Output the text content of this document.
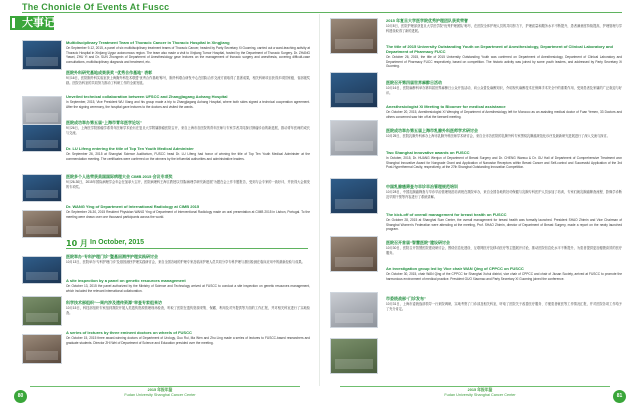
The Chonicle Of Events At Fuscc
大事记
Multidisciplinary Treatment Team of Thoracic Cancer in Thoracic Hospital in Xingjiang
On September 9-12, 2015, a panel of six multidisciplinary treatment teams of Thoracic Cancer, headed by Party Secretary Xi Guoming, carried out a ward-teaching activity at Thoracic Hospital in Xinjiang Uygur autonomous region. The team also made a visit to Xinjiang Tumor Hospital, hosted by the Department of Thoracic Surgery. Dr. ZHANG Yawei, ZHU Yi and Dr. SUN Zhongmin of Department of Anesthesiology gave lectures on the management of thoracic surgery and anesthesia, covering difficult-case consultations, multidisciplinary diagnosis and treatment, etc.
医院外科研究基地成果获奖 “优秀合作基地” 表彰
9月16日，医院胸外科实验室获上海胸外科技术联盟“优秀合作基地”称号，胸外科联合研发中心在国际合作交流方面取得了显著成果，相关科研项目获得多项国家级、省部级奖励。医院各科室的共同努力推动了科研工作的全面发展。
Unveiled technical collaboration between UFSCC and Zhangjiagang Aohang Hospital
In September, 2015, Vice President WU Xiang and his group made a trip to Zhangjiagang Aohang Hospital, where both sides signed a technical cooperation agreement. After the signing ceremony, the hospital gave lectures to the doctors and visited the wards.
医院成功举办第五届“上海市青年医学论坛”
9月26日，上海医学院肿瘤学系青年医师学术论坛在复旦大学附属肿瘤医院召开，来自上海市各医院的青年医师与专家学者共同探讨肿瘤诊治的新进展，推动青年医师的成长与交流。
Dr. LU Lifeng entering the title of Top Ten Youth Medical Administer
On September 26, 2015 at Shanghai Science Auditorium, FUSCC head Dr. LU Lifeng had honor of winning the title of Top Ten Youth Medical Administer at the commendation meeting. The certificates were conferred on the winners by the influential authorities and administrative leaders.
医院多个人选荣获美国国际病理大会 CIMB 2015 会议专项奖
9月26-30日，2015年国际病理学会年会在加拿大召开，医院病理科王海江教授以“国际病理学研究新进展”为题在会上作专题报告，受到与会专家的一致好评，并获得大会颁发的专项奖。
Dr. WANG Ying of Department of International Radiology at CIMB 2015
On September 26-30, 2015 Resident Physician WANG Ying of Department of Interventional Radiology made an oral presentation at CIMB 2015 in Lisbon, Portugal. To the meeting were drawn over one thousand participants across the world.
10 月 In October, 2015
医院举办“专科护理门诊”暨基因测序护理实践研讨会
10月13日，医院举办“专科护理门诊”及基因测序护理实践研讨会，来自全国各地的护理专家及临床护理人员共同分享专科护理与基因检测在临床应用中的最新经验与成果。
A site inspection by a panel on genetic resources management
On October 13, 2015 the panel authorized by the Ministry of Science and Technology arrived at FUSCC to conduct a site inspection on genetic resources management, which included the relevant international collaboration.
科学技术部组织“一周内涉及遗传资源”审查专家组来访
10月15日，科技部组织专家组到我院开展人类遗传资源管理现场检查，听取了医院在遗传资源采集、保藏、利用及对外提供等方面的工作汇报，并对相关科室进行了实地检查。
A series of lectures by three eminent doctors on wheels of FUSCC
On October 15, 2015 three award-winning doctors of Department of Urology, Guo Rui, Ma Wen and Zhu Ling made a series of lectures to FUSCC-based researchers and graduate students. Director ZHI Wei of Department of Science and Education presided over the meeting.
2015 年复旦大学医学院优秀护理团队获奖荣誉
10月8日，医院护理部获复旦大学医学院“优秀护理团队”称号，在医院全体护理人员的共同努力下，护理质量和服务水平不断提升，患者满意度持续提高，护理管理与学科建设取得了新的进展。
The title of 2015 University Outstanding Youth on Department of Anesthesiology, Department of Clinical Laboratory and Department of Pharmacy FUCC
On October 26, 2015, the title of 2015 University Outstanding Youth was conferred on Department of Anesthesiology, Department of Clinical Laboratory and Department of Pharmacy FUCC respectively, based on competition. The historic activity was joined by some youth leaders, and addressed by Party Secretary Xi Guoming.
医院召开第四届世界麻醉日活动
10月16日，医院麻醉科举办第四届世界麻醉日公众开放活动，向公众普及麻醉知识，介绍现代麻醉技术在保障手术安全中的重要作用，受到患者及家属的广泛欢迎与好评。
Anesthesiologist Xi Meeting to Bloomer for medical assistance
On October 20, 2015, Anesthesiologist XI Wenqing of Department of Anesthesiology left for Morocco as an assisting medical doctor of Fuan Yemen, 33 Doctors and others concerned saw him off at the farewell meeting.
医院成功举办第五届上海市乳腺外科医师学术研讨会
10月25日，医院乳腺外科承办上海市乳腺外科医师学术研讨会，来自全市各医院的乳腺外科专家围绕乳腺癌规范化诊疗及最新研究进展进行了深入交流与探讨。
Two Shanghai innovative awards on FUSCC
In October, 2015, Dr. HUANG Wenjun of Department of Breast Surgery and Dr. CHENG Wanwu & Dr. GU Hail of Department of Comprehensive Treatment won Shanghai Innovative Award for Nongrade Grant and Application of Nanostar Receptors within Breast Cancer and Self-control and Successful Application of the 3rd Post-Hyperthermal Cavity, respectively, at the 27th Shanghai Outstanding Innovation Competition.
中国乳腺癌筛查与早诊早治管理规范培训
10月28日，中国乳腺癌筛查与早诊早治管理规范培训班在我院举办，来自全国各地的妇幼保健与乳腺专科医护人员参加了培训，专家们就乳腺癌筛查流程、影像学诊断及早期干预等内容进行了系统讲解。
The kick-off of overall management for breast health on FUSCC
On October 28, 2015 at Shanghai Sum Center, the overall management for breast health was formally launched. President SHAO Zhimin and Vice Chairman of Shanghai Women's Federation were attending at the meeting, Prof. SHAO Zhimin, director of Department of Breast Surgery, made a report on the newly launched program.
医院召开首届“智慧医院”建设研讨会
10月30日，医院召开智慧医院建设研讨会，围绕信息化建设、互联网医疗及移动医疗等主题展开讨论，推动医院信息化水平不断提升，为患者提供更加便捷高效的医疗服务。
An investigation group led by Vice chair WAN Qing of CPPCC on FUSCC
On October 30, 2015, chair WAN Qing of the CPPCC for Shanghai Xuhui district, vice chair of CPPCC and chair of Jiusan Society, arrived at FUSCC to promote the harmonious environment of medical practice. President GUO Xiaomao and Party Secretary XI Guoming joined the conference.
市委统战部“门诊发布”
10月31日，上海市委统战部领导一行来院调研，实地考察了门诊部及相关科室，听取了医院关于改善医疗服务、方便患者就医等工作情况汇报，并对医院各项工作给予了充分肯定。
80	81
2015 年报年鉴
Fudan University Shanghai Cancer Center
2015 年报年鉴
Fudan University Shanghai Cancer Center
